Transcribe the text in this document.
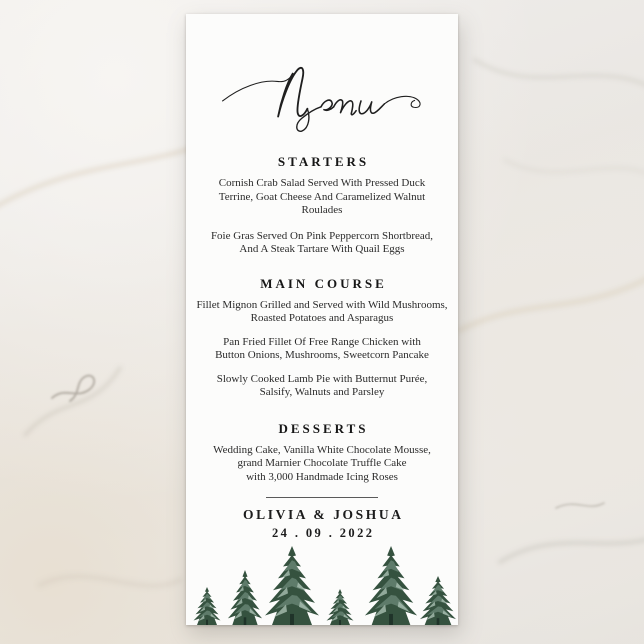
STARTERS
Cornish Crab Salad Served With Pressed Duck
Terrine, Goat Cheese And Caramelized Walnut
Roulades
Foie Gras Served On Pink Peppercorn Shortbread,
And A Steak Tartare With Quail Eggs
MAIN COURSE
Fillet Mignon Grilled and Served with Wild Mushrooms,
Roasted Potatoes and Asparagus
Pan Fried Fillet Of Free Range Chicken with
Button Onions, Mushrooms, Sweetcorn Pancake
Slowly Cooked Lamb Pie with Butternut Purée,
Salsify, Walnuts and Parsley
DESSERTS
Wedding Cake, Vanilla White Chocolate Mousse,
grand Marnier Chocolate Truffle Cake
with 3,000 Handmade Icing Roses
OLIVIA & JOSHUA
24 . 09 . 2022
